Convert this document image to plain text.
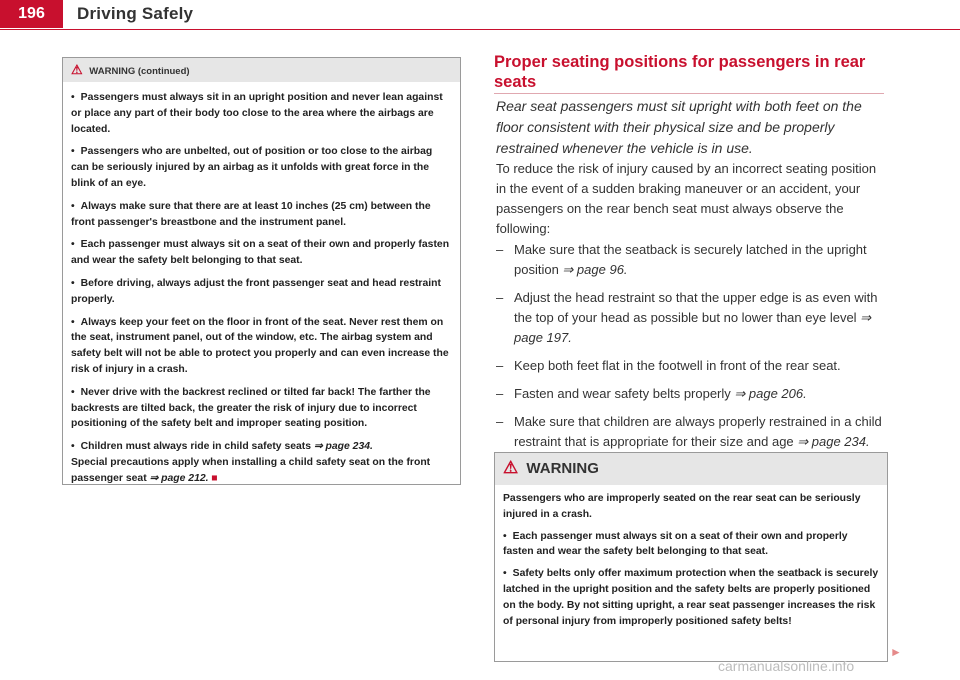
196	Driving Safely
⚠ WARNING (continued)

• Passengers must always sit in an upright position and never lean against or place any part of their body too close to the area where the airbags are located.

• Passengers who are unbelted, out of position or too close to the airbag can be seriously injured by an airbag as it unfolds with great force in the blink of an eye.

• Always make sure that there are at least 10 inches (25 cm) between the front passenger's breastbone and the instrument panel.

• Each passenger must always sit on a seat of their own and properly fasten and wear the safety belt belonging to that seat.

• Before driving, always adjust the front passenger seat and head restraint properly.

• Always keep your feet on the floor in front of the seat. Never rest them on the seat, instrument panel, out of the window, etc. The airbag system and safety belt will not be able to protect you properly and can even increase the risk of injury in a crash.

• Never drive with the backrest reclined or tilted far back! The farther the backrests are tilted back, the greater the risk of injury due to incorrect positioning of the safety belt and improper seating position.

• Children must always ride in child safety seats ⇒ page 234.

Special precautions apply when installing a child safety seat on the front passenger seat ⇒ page 212. ■

Proper seating positions for passengers in rear seats
Rear seat passengers must sit upright with both feet on the floor consistent with their physical size and be properly restrained whenever the vehicle is in use.
To reduce the risk of injury caused by an incorrect seating position in the event of a sudden braking maneuver or an accident, your passengers on the rear bench seat must always observe the following:
– Make sure that the seatback is securely latched in the upright position ⇒ page 96.
– Adjust the head restraint so that the upper edge is as even with the top of your head as possible but no lower than eye level ⇒ page 197.
– Keep both feet flat in the footwell in front of the rear seat.
– Fasten and wear safety belts properly ⇒ page 206.
– Make sure that children are always properly restrained in a child restraint that is appropriate for their size and age ⇒ page 234.
⚠ WARNING

Passengers who are improperly seated on the rear seat can be seriously injured in a crash.

• Each passenger must always sit on a seat of their own and properly fasten and wear the safety belt belonging to that seat.

• Safety belts only offer maximum protection when the seatback is securely latched in the upright position and the safety belts are properly positioned on the body. By not sitting upright, a rear seat passenger increases the risk of personal injury from improperly positioned safety belts!

►
carmanualsonline.info
